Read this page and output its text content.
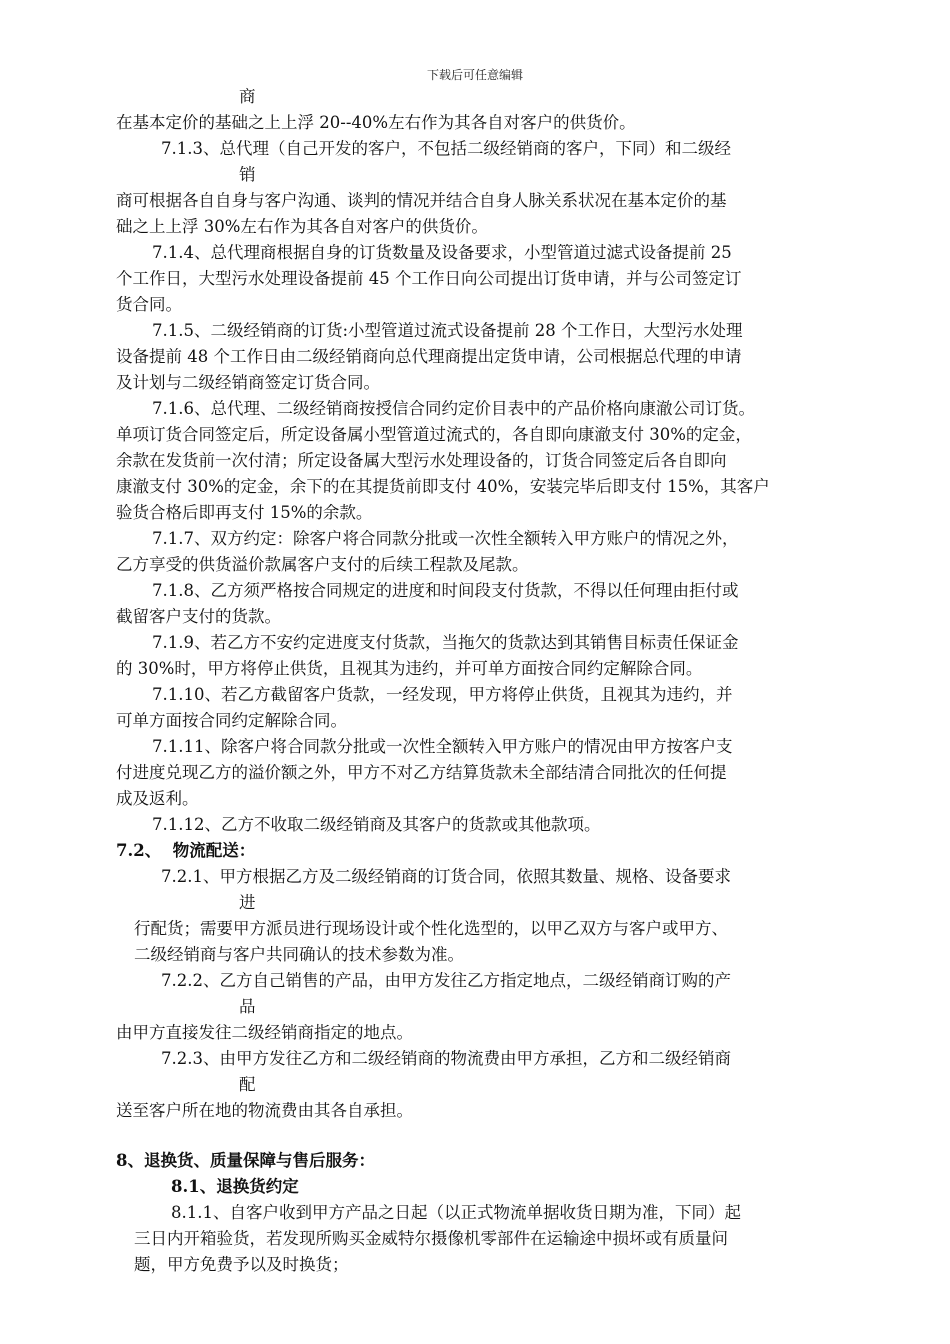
下载后可任意编辑
商
在基本定价的基础之上上浮 20--40%左右作为其各自对客户的供货价。
7.1.3、总代理（自己开发的客户，不包括二级经销商的客户，下同）和二级经
销
商可根据各自自身与客户沟通、谈判的情况并结合自身人脉关系状况在基本定价的基
础之上上浮 30%左右作为其各自对客户的供货价。
7.1.4、总代理商根据自身的订货数量及设备要求，小型管道过滤式设备提前 25
个工作日，大型污水处理设备提前 45 个工作日向公司提出订货申请，并与公司签定订
货合同。
7.1.5、二级经销商的订货:小型管道过流式设备提前 28 个工作日，大型污水处理
设备提前 48 个工作日由二级经销商向总代理商提出定货申请，公司根据总代理的申请
及计划与二级经销商签定订货合同。
7.1.6、总代理、二级经销商按授信合同约定价目表中的产品价格向康澈公司订货。
单项订货合同签定后，所定设备属小型管道过流式的，各自即向康澈支付 30%的定金，
余款在发货前一次付清；所定设备属大型污水处理设备的，订货合同签定后各自即向
康澈支付 30%的定金，余下的在其提货前即支付 40%，安装完毕后即支付 15%，其客户
验货合格后即再支付 15%的余款。
7.1.7、双方约定：除客户将合同款分批或一次性全额转入甲方账户的情况之外，
乙方享受的供货溢价款属客户支付的后续工程款及尾款。
7.1.8、乙方须严格按合同规定的进度和时间段支付货款，不得以任何理由拒付或
截留客户支付的货款。
7.1.9、若乙方不安约定进度支付货款，当拖欠的货款达到其销售目标责任保证金
的 30%时，甲方将停止供货，且视其为违约，并可单方面按合同约定解除合同。
7.1.10、若乙方截留客户货款，一经发现，甲方将停止供货，且视其为违约，并
可单方面按合同约定解除合同。
7.1.11、除客户将合同款分批或一次性全额转入甲方账户的情况由甲方按客户支
付进度兑现乙方的溢价额之外，甲方不对乙方结算货款未全部结清合同批次的任何提
成及返利。
7.1.12、乙方不收取二级经销商及其客户的货款或其他款项。
7.2、  物流配送：
7.2.1、甲方根据乙方及二级经销商的订货合同，依照其数量、规格、设备要求
进
行配货；需要甲方派员进行现场设计或个性化选型的，以甲乙双方与客户或甲方、
二级经销商与客户共同确认的技术参数为准。
7.2.2、乙方自己销售的产品，由甲方发往乙方指定地点，二级经销商订购的产
品
由甲方直接发往二级经销商指定的地点。
7.2.3、由甲方发往乙方和二级经销商的物流费由甲方承担，乙方和二级经销商
配
送至客户所在地的物流费由其各自承担。
8、退换货、质量保障与售后服务：
8.1、退换货约定
8.1.1、自客户收到甲方产品之日起（以正式物流单据收货日期为准，下同）起
三日内开箱验货，若发现所购买金威特尔摄像机零部件在运输途中损坏或有质量问
题，甲方免费予以及时换货；
